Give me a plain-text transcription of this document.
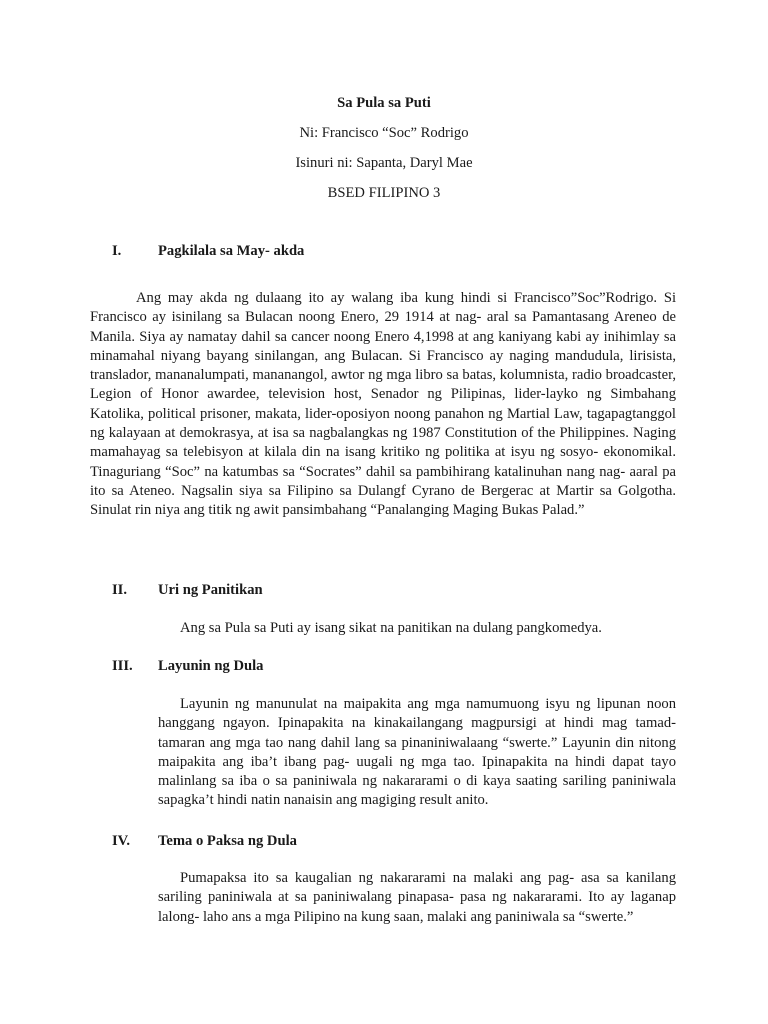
Sa Pula sa Puti
Ni: Francisco “Soc” Rodrigo
Isinuri ni: Sapanta, Daryl Mae
BSED FILIPINO 3
I.	Pagkilala sa May- akda

Ang may akda ng dulaang ito ay walang iba kung hindi si Francisco”Soc”Rodrigo. Si Francisco ay isinilang sa Bulacan noong Enero, 29 1914 at nag- aral sa Pamantasang Areneo de Manila. Siya ay namatay dahil sa cancer noong Enero 4,1998 at ang kaniyang kabi ay inihimlay sa minamahal niyang bayang sinilangan, ang Bulacan. Si Francisco ay naging mandudula, lirisista, translador, mananalumpati, mananangol, awtor ng mga libro sa batas, kolumnista, radio broadcaster, Legion of Honor awardee, television host, Senador ng Pilipinas, lider-layko ng Simbahang Katolika, political prisoner, makata, lider-oposiyon noong panahon ng Martial Law, tagapagtanggol ng kalayaan at demokrasya, at isa sa nagbalangkas ng 1987 Constitution of the Philippines. Naging mamahayag sa telebisyon at kilala din na isang kritiko ng politika at isyu ng sosyo- ekonomikal. Tinaguriang “Soc” na katumbas sa “Socrates” dahil sa pambihirang katalinuhan nang nag- aaral pa ito sa Ateneo. Nagsalin siya sa Filipino sa Dulangf Cyrano de Bergerac at Martir sa Golgotha. Sinulat rin niya ang titik ng awit pansimbahang “Panalanging Maging Bukas Palad.”

II. Uri ng Panitikan

Ang sa Pula sa Puti ay isang sikat na panitikan na dulang pangkomedya.

III. Layunin ng Dula

Layunin ng manunulat na maipakita ang mga namumuong isyu ng lipunan noon hanggang ngayon. Ipinapakita na kinakailangang magpursigi at hindi mag tamad-tamaran ang mga tao nang dahil lang sa pinaniniwalaang “swerte.” Layunin din nitong maipakita ang iba’t ibang pag- uugali ng mga tao. Ipinapakita na hindi dapat tayo malinlang sa iba o sa paniniwala ng nakararami o di kaya saating sariling paniniwala sapagka’t hindi natin nanaisin ang magiging result anito.

IV. Tema o Paksa ng Dula

Pumapaksa ito sa kaugalian ng nakararami na malaki ang pag- asa sa kanilang sariling paniniwala at sa paniniwalang pinapasa- pasa ng nakararami. Ito ay laganap lalong- laho ans a mga Pilipino na kung saan, malaki ang paniniwala sa “swerte.”
